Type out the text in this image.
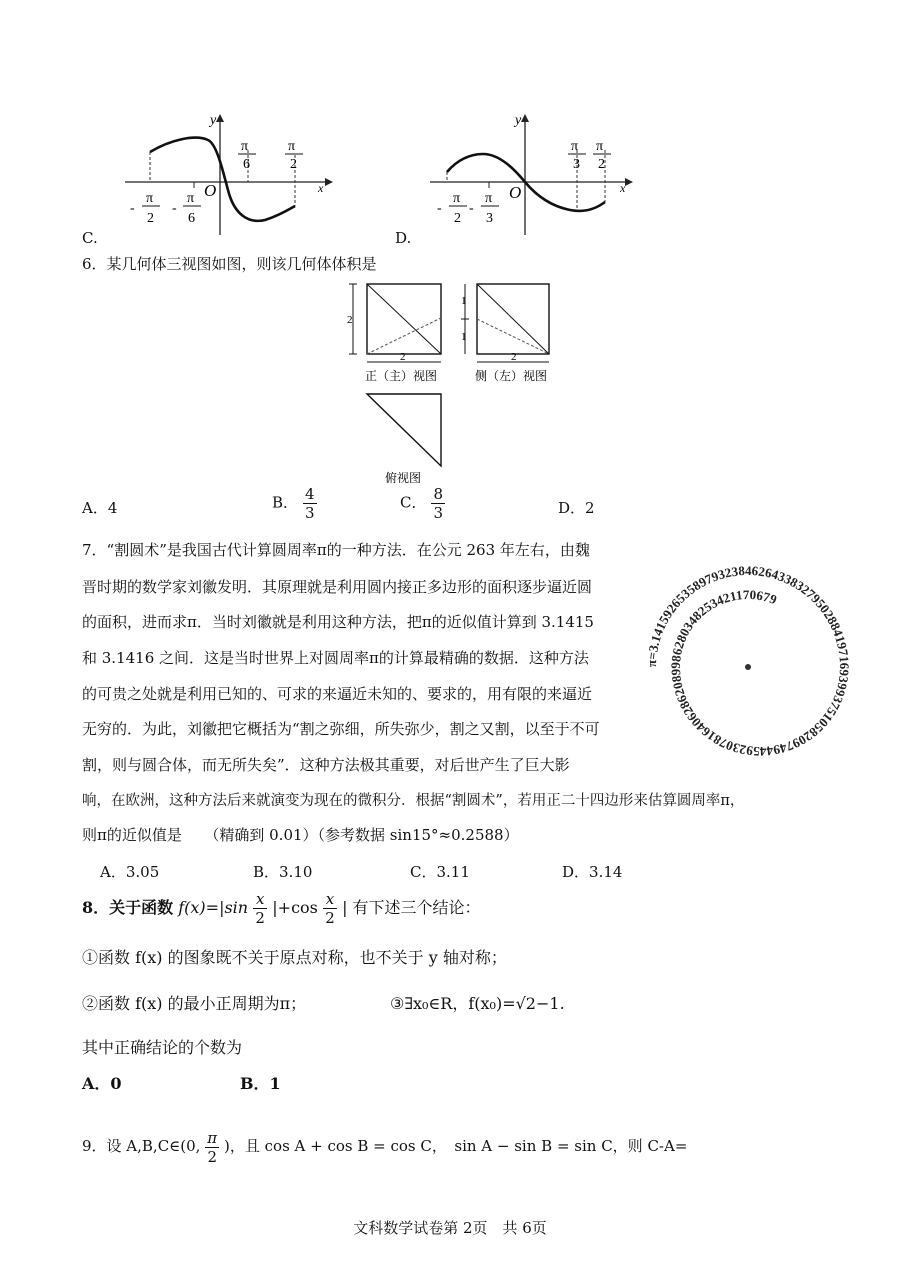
y
x
O
π
6
π
2
-
π
2
-
π
6
y
x
O
π
3
π
2
-
π
2
-
π
3
C.	D.
6．某几何体三视图如图，则该几何体体积是
2
2
正（主）视图
1
1
2
侧（左）视图
俯视图
A．4	B． $\frac{4}{3}$	C． $\frac{8}{3}$	D．2
7．“割圆术”是我国古代计算圆周率π的一种方法．在公元 263 年左右，由魏
晋时期的数学家刘徽发明．其原理就是利用圆内接正多边形的面积逐步逼近圆
的面积，进而求π．当时刘徽就是利用这种方法，把π的近似值计算到 3.1415
和 3.1416 之间．这是当时世界上对圆周率π的计算最精确的数据．这种方法
的可贵之处就是利用已知的、可求的来逼近未知的、要求的，用有限的来逼近
无穷的．为此，刘徽把它概括为“割之弥细，所失弥少，割之又割，以至于不可
割，则与圆合体，而无所失矣”．这种方法极其重要，对后世产生了巨大影
响，在欧洲，这种方法后来就演变为现在的微积分．根据“割圆术”，若用正二十四边形来估算圆周率π，
则π的近似值是　　（精确到 0.01）（参考数据 sin15°≈0.2588）
π=3.1415926535897932384626433832795028841971693993751058209749445923078164062862089986280348253421170679
A．3.05	B．3.10	C．3.11	D．3.14
8．关于函数 $f(x)=|\sin \frac{x}{2} |+\cos \frac{x}{2}$ | 有下述三个结论：
①函数 f(x) 的图象既不关于原点对称，也不关于 y 轴对称；
②函数 f(x) 的最小正周期为π；	③∃x₀∈R，f(x₀)=√2−1.
其中正确结论的个数为
A．0	B．1
9．设 A,B,C∈(0, $\frac{\pi}{2}$ )，且 cos A + cos B = cos C，　sin A − sin B = sin C，则 C-A=
文科数学试卷第 2页　共 6页
